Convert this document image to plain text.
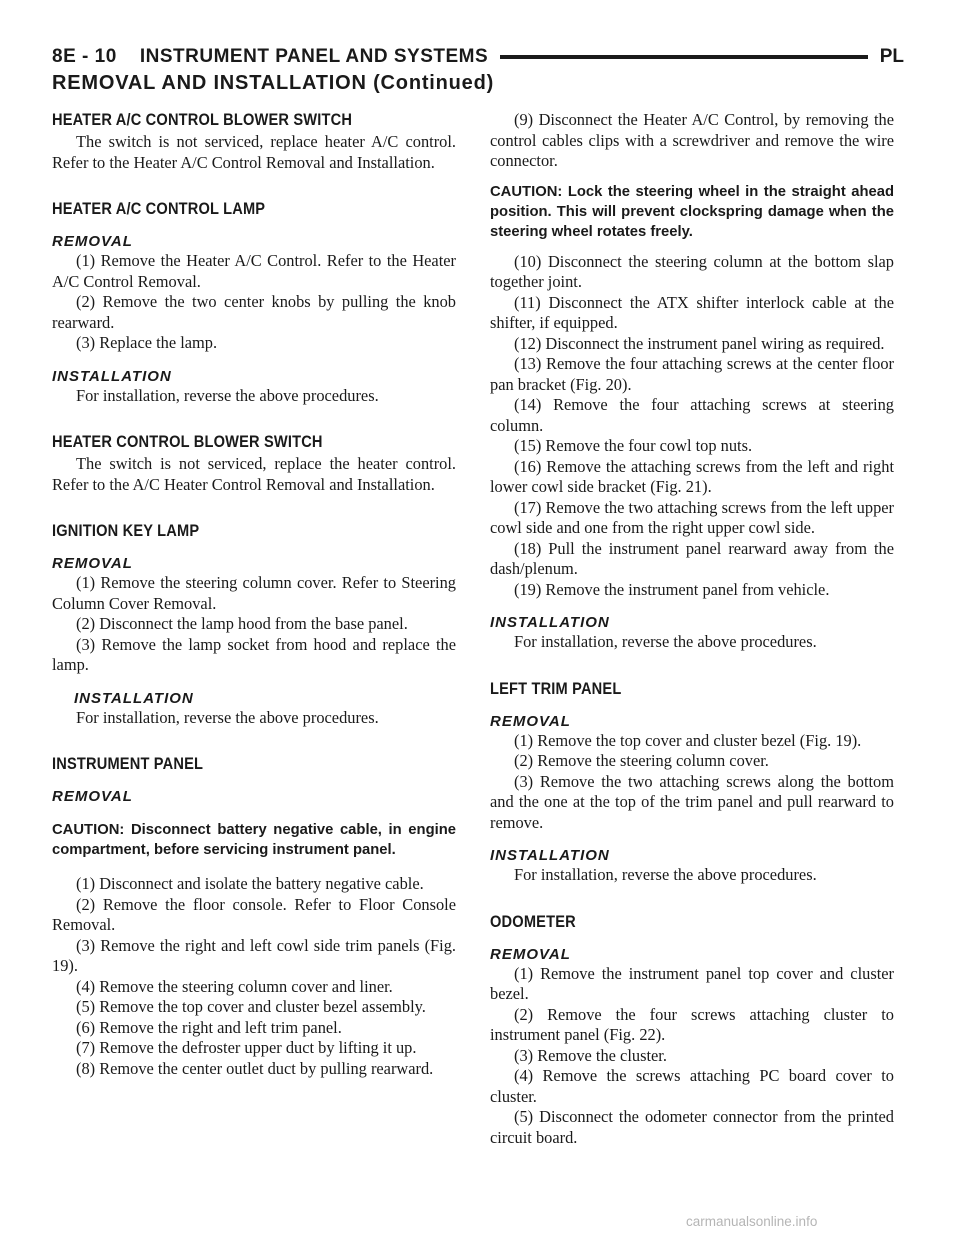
8E - 10    INSTRUMENT PANEL AND SYSTEMS	PL
REMOVAL AND INSTALLATION (Continued)
HEATER A/C CONTROL BLOWER SWITCH

The switch is not serviced, replace heater A/C control. Refer to the Heater A/C Control Removal and Installation.

HEATER A/C CONTROL LAMP
REMOVAL

(1) Remove the Heater A/C Control. Refer to the Heater A/C Control Removal.

(2) Remove the two center knobs by pulling the knob rearward.

(3) Replace the lamp.

INSTALLATION

For installation, reverse the above procedures.

HEATER CONTROL BLOWER SWITCH

The switch is not serviced, replace the heater control. Refer to the A/C Heater Control Removal and Installation.

IGNITION KEY LAMP
REMOVAL

(1) Remove the steering column cover. Refer to Steering Column Cover Removal.

(2) Disconnect the lamp hood from the base panel.

(3) Remove the lamp socket from hood and replace the lamp.

INSTALLATION

For installation, reverse the above procedures.

INSTRUMENT PANEL
REMOVAL

CAUTION: Disconnect battery negative cable, in engine compartment, before servicing instrument panel.

(1) Disconnect and isolate the battery negative cable.

(2) Remove the floor console. Refer to Floor Console Removal.

(3) Remove the right and left cowl side trim panels (Fig. 19).

(4) Remove the steering column cover and liner.

(5) Remove the top cover and cluster bezel assembly.

(6) Remove the right and left trim panel.

(7) Remove the defroster upper duct by lifting it up.

(8) Remove the center outlet duct by pulling rearward.

(9) Disconnect the Heater A/C Control, by removing the control cables clips with a screwdriver and remove the wire connector.

CAUTION: Lock the steering wheel in the straight ahead position. This will prevent clockspring damage when the steering wheel rotates freely.

(10) Disconnect the steering column at the bottom slap together joint.

(11) Disconnect the ATX shifter interlock cable at the shifter, if equipped.

(12) Disconnect the instrument panel wiring as required.

(13) Remove the four attaching screws at the center floor pan bracket (Fig. 20).

(14) Remove the four attaching screws at steering column.

(15) Remove the four cowl top nuts.

(16) Remove the attaching screws from the left and right lower cowl side bracket (Fig. 21).

(17) Remove the two attaching screws from the left upper cowl side and one from the right upper cowl side.

(18) Pull the instrument panel rearward away from the dash/plenum.

(19) Remove the instrument panel from vehicle.

INSTALLATION

For installation, reverse the above procedures.

LEFT TRIM PANEL
REMOVAL

(1) Remove the top cover and cluster bezel (Fig. 19).

(2) Remove the steering column cover.

(3) Remove the two attaching screws along the bottom and the one at the top of the trim panel and pull rearward to remove.

INSTALLATION

For installation, reverse the above procedures.

ODOMETER
REMOVAL

(1) Remove the instrument panel top cover and cluster bezel.

(2) Remove the four screws attaching cluster to instrument panel (Fig. 22).

(3) Remove the cluster.

(4) Remove the screws attaching PC board cover to cluster.

(5) Disconnect the odometer connector from the printed circuit board.

carmanualsonline.info
